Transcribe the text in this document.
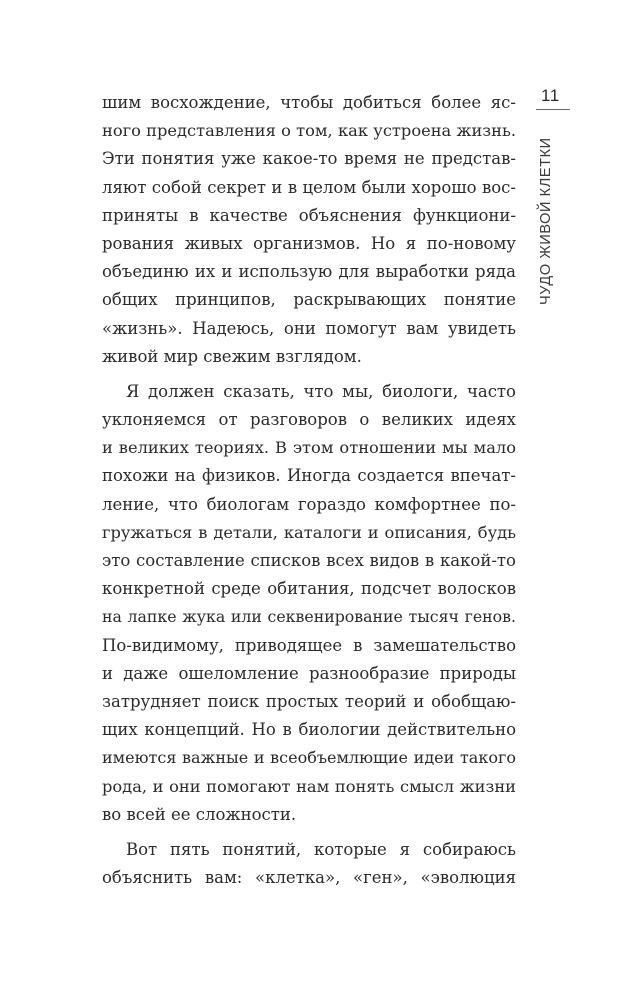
11
ЧУДО ЖИВОЙ КЛЕТКИ
шим восхождение, чтобы добиться более яс-
ного представления о том, как устроена жизнь.
Эти понятия уже какое-то время не представ-
ляют собой секрет и в целом были хорошо вос-
приняты в качестве объяснения функциони-
рования живых организмов. Но я по-новому
объединю их и использую для выработки ряда
общих принципов, раскрывающих понятие
«жизнь». Надеюсь, они помогут вам увидеть
живой мир свежим взглядом.
Я должен сказать, что мы, биологи, часто
уклоняемся от разговоров о великих идеях
и великих теориях. В этом отношении мы мало
похожи на физиков. Иногда создается впечат-
ление, что биологам гораздо комфортнее по-
гружаться в детали, каталоги и описания, будь
это составление списков всех видов в какой-то
конкретной среде обитания, подсчет волосков
на лапке жука или секвенирование тысяч генов.
По-видимому, приводящее в замешательство
и даже ошеломление разнообразие природы
затрудняет поиск простых теорий и обобщаю-
щих концепций. Но в биологии действительно
имеются важные и всеобъемлющие идеи такого
рода, и они помогают нам понять смысл жизни
во всей ее сложности.
Вот пять понятий, которые я собираюсь
объяснить вам: «клетка», «ген», «эволюция
